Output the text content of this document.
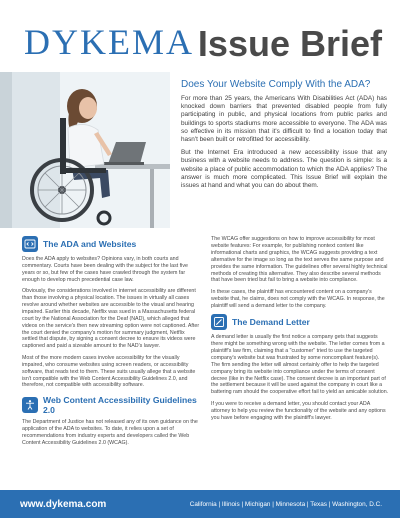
DYKEMA Issue Brief
Does Your Website Comply With the ADA?

For more than 25 years, the Americans With Disabilities Act (ADA) has knocked down barriers that prevented disabled people from fully participating in public, and physical locations from public parks and buildings to sports stadiums more accessible to everyone. The ADA was so effective in its mission that it's difficult to find a location today that hasn't been built or retrofitted for accessibility.

But the Internet Era introduced a new accessibility issue that any business with a website needs to address. The question is simple: Is a website a place of public accommodation to which the ADA applies? The answer is much more complicated. This Issue Brief will explain the issues at hand and what you can do about them.

The ADA and Websites

Does the ADA apply to websites? Opinions vary, in both courts and commentary. Courts have been dealing with the subject for the last five years or so, but few of the cases have crawled through the system far enough to develop much precedential case law.

Obviously, the considerations involved in internet accessibility are different than those involving a physical location. The issues in virtually all cases revolve around whether websites are accessible to the visual and hearing impaired. Earlier this decade, Netflix was sued in a Massachusetts federal court by the National Association for the Deaf (NAD), which alleged that videos on the service's then new streaming option were not captioned. After the court denied the company's motion for summary judgment, Netflix settled that dispute, by signing a consent decree to ensure its videos were captioned and paid a sizeable amount to the NAD's lawyer.

Most of the more modern cases involve accessibility for the visually impaired, who consume websites using screen readers, or accessibility software, that reads text to them. These suits usually allege that a website isn't compatible with the Web Content Accessibility Guidelines 2.0, and therefore, not compatible with accessibility software.

Web Content Accessibility Guidelines 2.0

The Department of Justice has not released any of its own guidance on the application of the ADA to websites. To date, it relies upon a set of recommendations from industry experts and developers called the Web Content Accessibility Guidelines 2.0 (WCAG).

The WCAG offer suggestions on how to improve accessibility for most website features: For example, for publishing nontext content like informational charts and graphics, the WCAG suggests providing a text alternative for the image so long as the text serves the same purpose and provides the same information. The guidelines offer several highly technical methods of creating this alternative. They also describe several methods that have been tried but fail to bring a website into compliance.

In these cases, the plaintiff has encountered content on a company's website that, he claims, does not comply with the WCAG. In response, the plaintiff will send a demand letter to the company.

The Demand Letter

A demand letter is usually the first notice a company gets that suggests there might be something wrong with the website. The letter comes from a plaintiff's law firm, claiming that a "customer" tried to use the targeted company's website but was frustrated by some noncompliant feature(s). The firm sending the letter will almost certainly offer to help the targeted company bring its website into compliance under the terms of consent decree (like in the Netflix case). The consent decree is an important part of the settlement because it will be used against the company in court like a battering ram should the cooperative effort fail to yield an amicable solution.

If you were to receive a demand letter, you should contact your ADA attorney to help you review the functionality of the website and any options you have before engaging with the plaintiff's lawyer.

www.dykema.com	California | Illinois | Michigan | Minnesota | Texas | Washington, D.C.
